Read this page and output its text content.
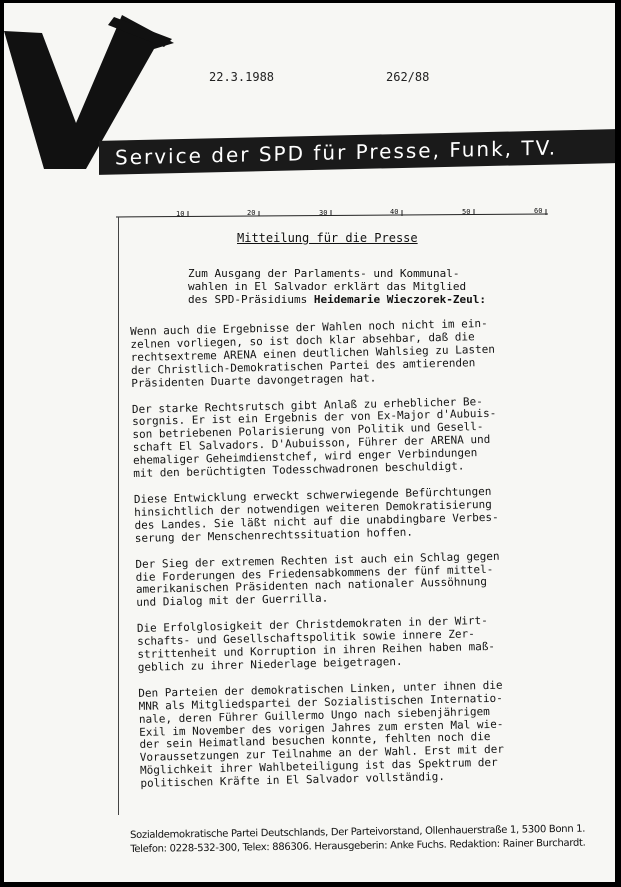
22.3.1988	262/88
Service der SPD für Presse, Funk, TV.
10	20	30	40	50	60
Mitteilung für die Presse
Zum Ausgang der Parlaments- und Kommunal-
wahlen in El Salvador erklärt das Mitglied
des SPD-Präsidiums Heidemarie Wieczorek-Zeul:

Wenn auch die Ergebnisse der Wahlen noch nicht im ein-
zelnen vorliegen, so ist doch klar absehbar, daß die
rechtsextreme ARENA einen deutlichen Wahlsieg zu Lasten
der Christlich-Demokratischen Partei des amtierenden
Präsidenten Duarte davongetragen hat.

Der starke Rechtsrutsch gibt Anlaß zu erheblicher Be-
sorgnis. Er ist ein Ergebnis der von Ex-Major d'Aubuis-
son betriebenen Polarisierung von Politik und Gesell-
schaft El Salvadors. D'Aubuisson, Führer der ARENA und
ehemaliger Geheimdienstchef, wird enger Verbindungen
mit den berüchtigten Todesschwadronen beschuldigt.

Diese Entwicklung erweckt schwerwiegende Befürchtungen
hinsichtlich der notwendigen weiteren Demokratisierung
des Landes. Sie läßt nicht auf die unabdingbare Verbes-
serung der Menschenrechtssituation hoffen.

Der Sieg der extremen Rechten ist auch ein Schlag gegen
die Forderungen des Friedensabkommens der fünf mittel-
amerikanischen Präsidenten nach nationaler Aussöhnung
und Dialog mit der Guerrilla.

Die Erfolglosigkeit der Christdemokraten in der Wirt-
schafts- und Gesellschaftspolitik sowie innere Zer-
strittenheit und Korruption in ihren Reihen haben maß-
geblich zu ihrer Niederlage beigetragen.

Den Parteien der demokratischen Linken, unter ihnen die
MNR als Mitgliedspartei der Sozialistischen Internatio-
nale, deren Führer Guillermo Ungo nach siebenjährigem
Exil im November des vorigen Jahres zum ersten Mal wie-
der sein Heimatland besuchen konnte, fehlten noch die
Voraussetzungen zur Teilnahme an der Wahl. Erst mit der
Möglichkeit ihrer Wahlbeteiligung ist das Spektrum der
politischen Kräfte in El Salvador vollständig.

Sozialdemokratische Partei Deutschlands, Der Parteivorstand, Ollenhauerstraße 1, 5300 Bonn 1.
Telefon: 0228-532-300, Telex: 886306. Herausgeberin: Anke Fuchs. Redaktion: Rainer Burchardt.
